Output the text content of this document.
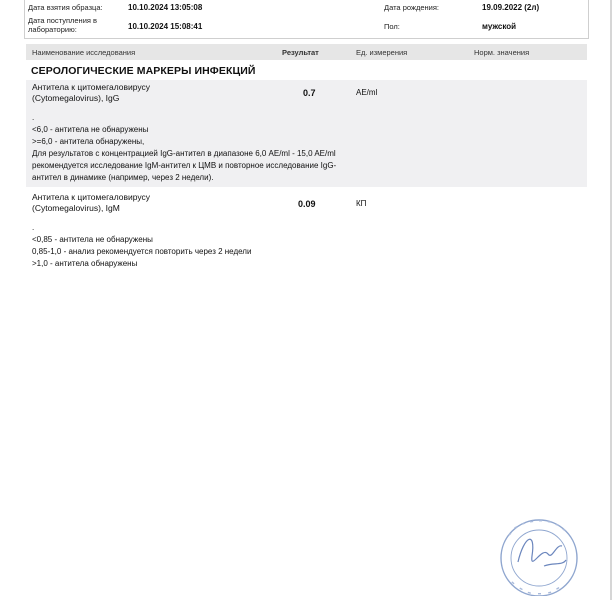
Дата взятия образца:	10.10.2024 13:05:08
Дата поступления в лабораторию:	10.10.2024 15:08:41
Дата рождения:	19.09.2022 (2л)
Пол:	мужской
Наименование исследования	Результат	Ед. измерения	Норм. значения
СЕРОЛОГИЧЕСКИЕ МАРКЕРЫ ИНФЕКЦИЙ
Антитела к цитомегаловирусу (Cytomegalovirus), IgG	0.7	AE/ml
.
<6,0 - антитела не обнаружены
>=6,0 - антитела обнаружены,
Для результатов с концентрацией IgG-антител в диапазоне 6,0 AE/ml - 15,0 AE/ml рекомендуется исследование IgM-антител к ЦМВ и повторное исследование IgG-антител в динамике (например, через 2 недели).
Антитела к цитомегаловирусу (Cytomegalovirus), IgM	0.09	КП
.
<0,85 - антитела не обнаружены
0,85-1,0 - анализ рекомендуется повторить через 2 недели
>1,0 - антитела обнаружены
